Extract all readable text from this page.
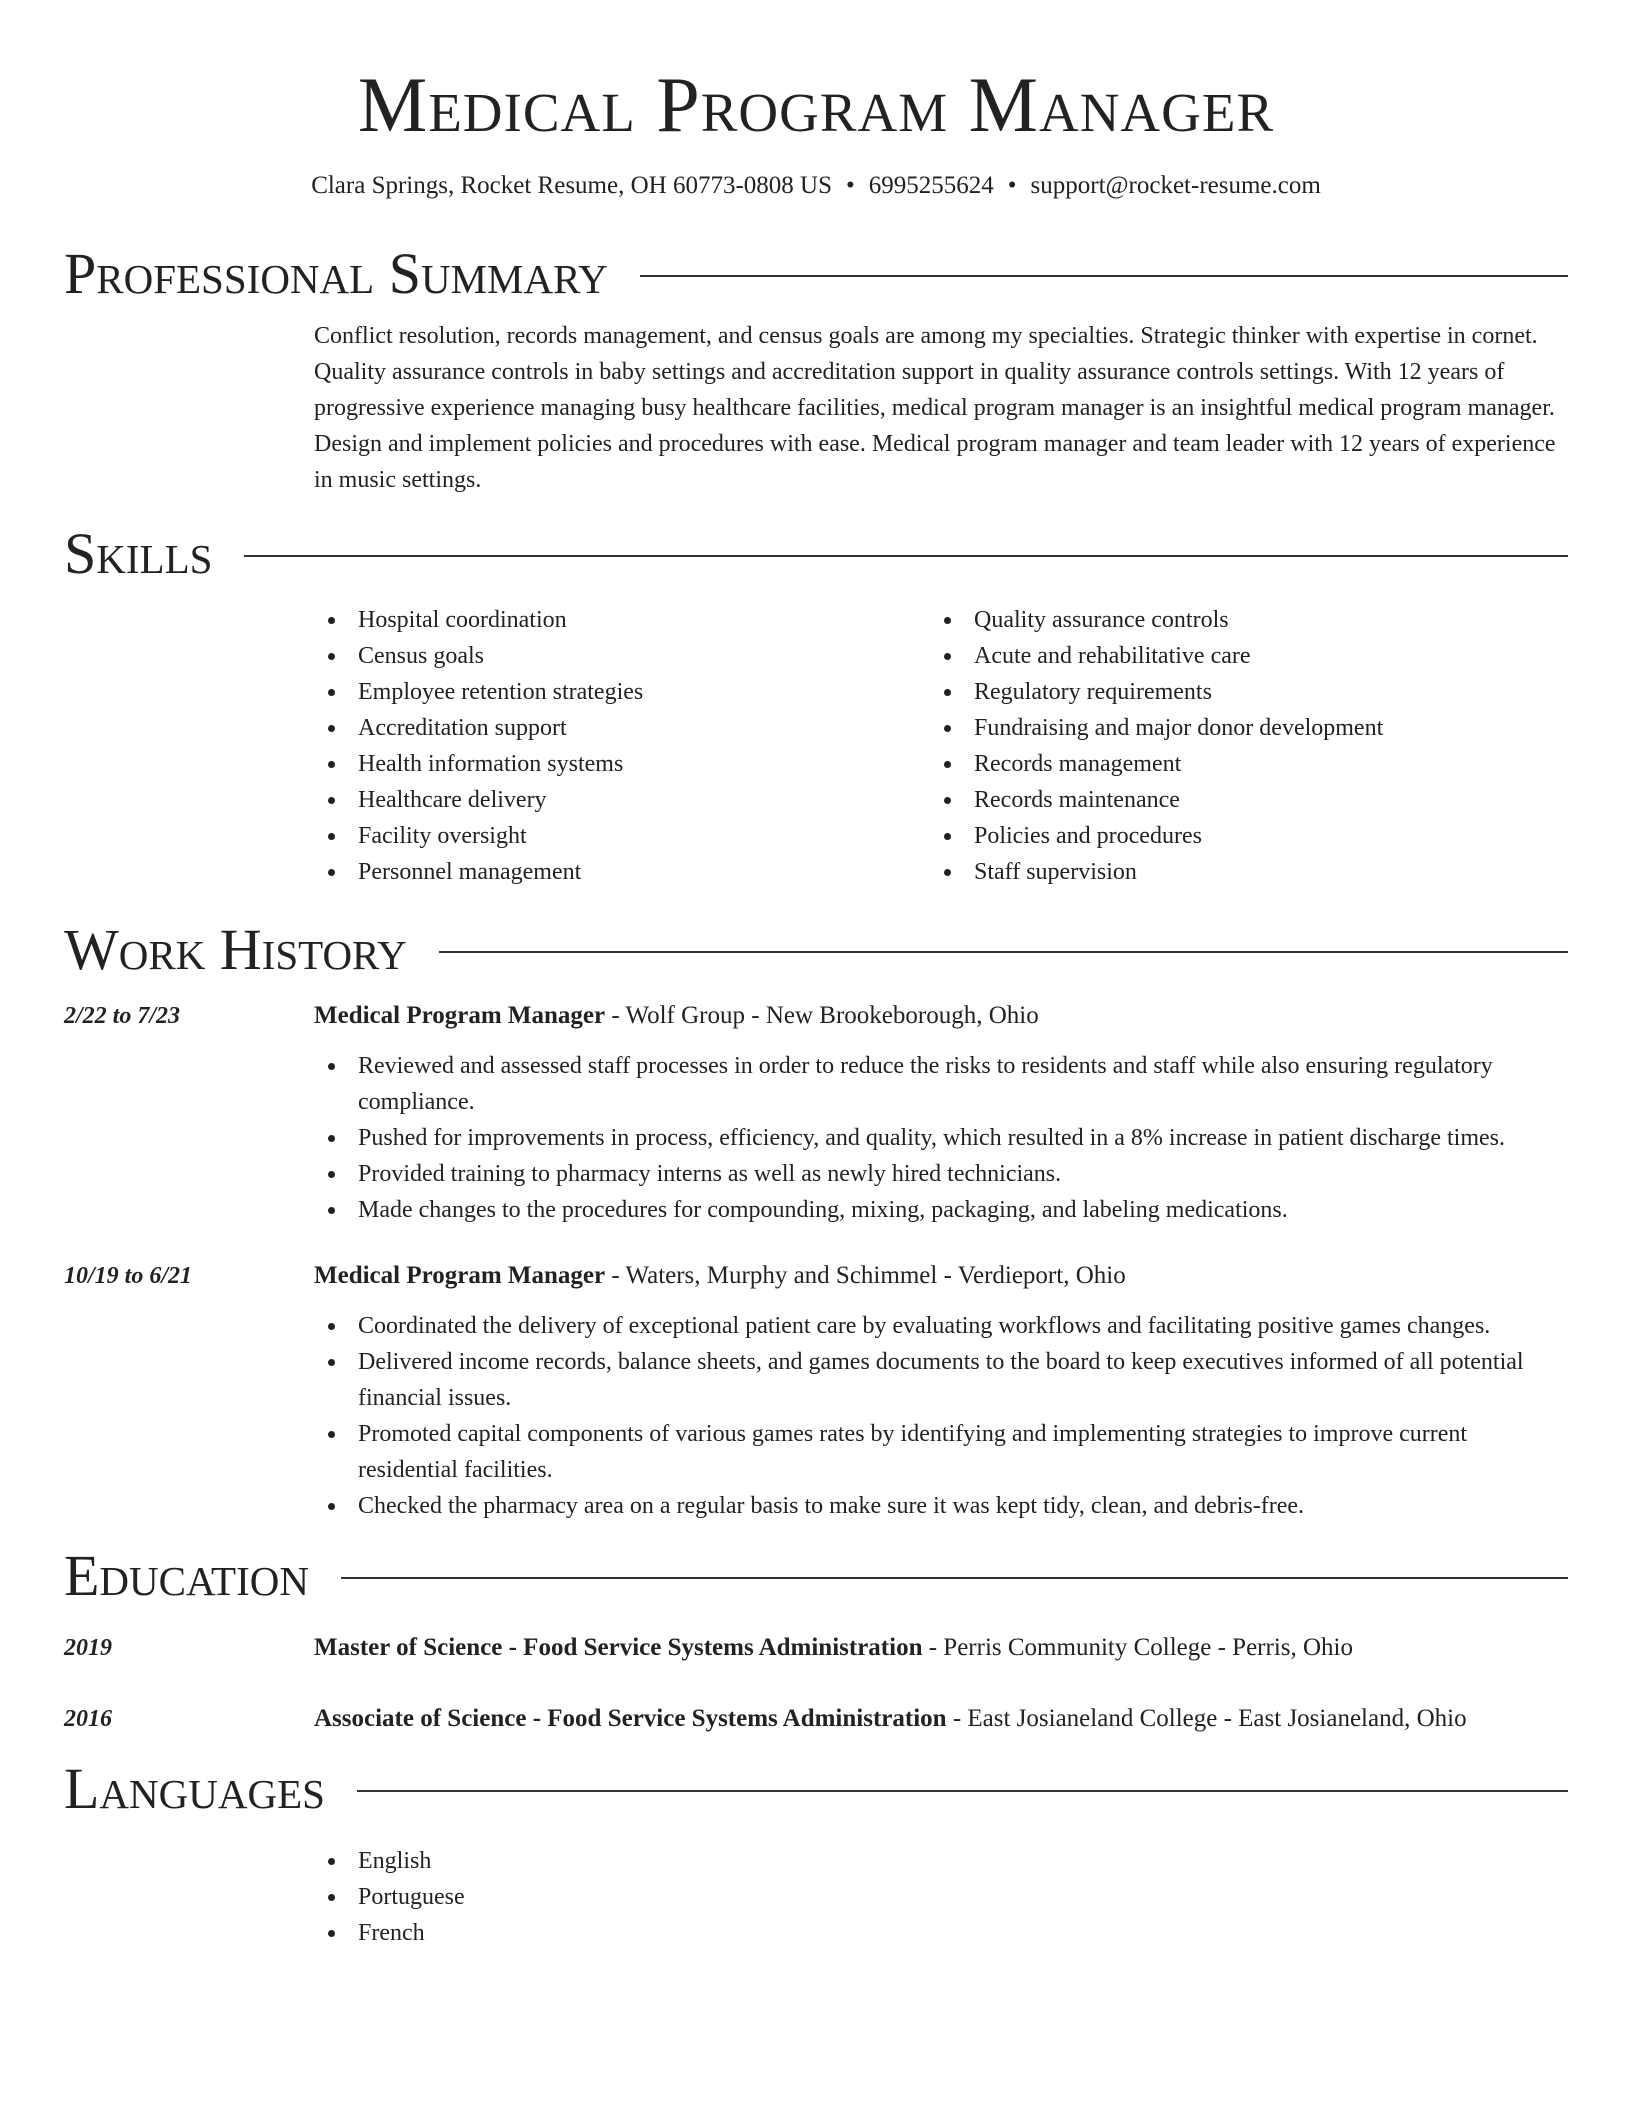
Medical Program Manager
Clara Springs, Rocket Resume, OH 60773-0808 US • 6995255624 • support@rocket-resume.com
Professional Summary

Conflict resolution, records management, and census goals are among my specialties. Strategic thinker with expertise in cornet. Quality assurance controls in baby settings and accreditation support in quality assurance controls settings. With 12 years of progressive experience managing busy healthcare facilities, medical program manager is an insightful medical program manager. Design and implement policies and procedures with ease. Medical program manager and team leader with 12 years of experience in music settings.

Skills
Hospital coordination
Census goals
Employee retention strategies
Accreditation support
Health information systems
Healthcare delivery
Facility oversight
Personnel management
Quality assurance controls
Acute and rehabilitative care
Regulatory requirements
Fundraising and major donor development
Records management
Records maintenance
Policies and procedures
Staff supervision
Work History
2/22 to 7/23	Medical Program Manager - Wolf Group - New Brookeborough, Ohio
Reviewed and assessed staff processes in order to reduce the risks to residents and staff while also ensuring regulatory compliance.
Pushed for improvements in process, efficiency, and quality, which resulted in a 8% increase in patient discharge times.
Provided training to pharmacy interns as well as newly hired technicians.
Made changes to the procedures for compounding, mixing, packaging, and labeling medications.
10/19 to 6/21	Medical Program Manager - Waters, Murphy and Schimmel - Verdieport, Ohio
Coordinated the delivery of exceptional patient care by evaluating workflows and facilitating positive games changes.
Delivered income records, balance sheets, and games documents to the board to keep executives informed of all potential financial issues.
Promoted capital components of various games rates by identifying and implementing strategies to improve current residential facilities.
Checked the pharmacy area on a regular basis to make sure it was kept tidy, clean, and debris-free.
Education
2019	Master of Science - Food Service Systems Administration - Perris Community College - Perris, Ohio
2016	Associate of Science - Food Service Systems Administration - East Josianeland College - East Josianeland, Ohio
Languages
English
Portuguese
French
